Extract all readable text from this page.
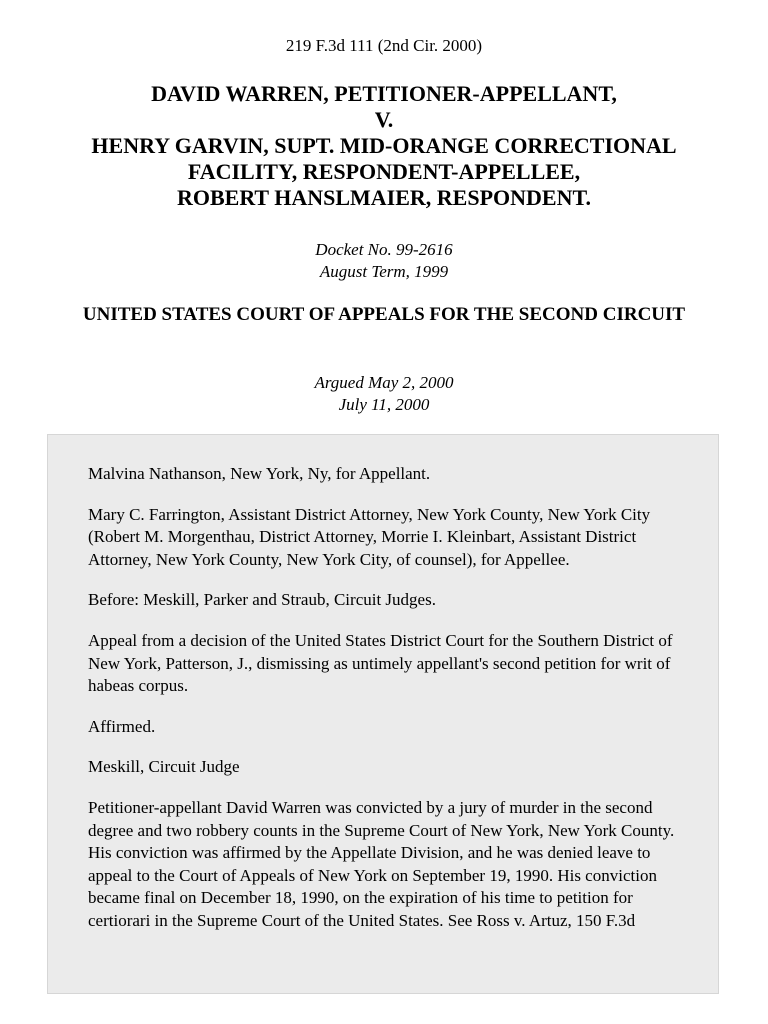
219 F.3d 111 (2nd Cir. 2000)
DAVID WARREN, PETITIONER-APPELLANT,
V.
HENRY GARVIN, SUPT. MID-ORANGE CORRECTIONAL
FACILITY, RESPONDENT-APPELLEE,
ROBERT HANSLMAIER, RESPONDENT.
Docket No. 99-2616
August Term, 1999
UNITED STATES COURT OF APPEALS FOR THE SECOND CIRCUIT
Argued May 2, 2000
July 11, 2000

Malvina Nathanson, New York, Ny, for Appellant.

Mary C. Farrington, Assistant District Attorney, New York County, New York City (Robert M. Morgenthau, District Attorney, Morrie I. Kleinbart, Assistant District Attorney, New York County, New York City, of counsel), for Appellee.

Before: Meskill, Parker and Straub, Circuit Judges.

Appeal from a decision of the United States District Court for the Southern District of New York, Patterson, J., dismissing as untimely appellant's second petition for writ of habeas corpus.

Affirmed.

Meskill, Circuit Judge

Petitioner-appellant David Warren was convicted by a jury of murder in the second degree and two robbery counts in the Supreme Court of New York, New York County. His conviction was affirmed by the Appellate Division, and he was denied leave to appeal to the Court of Appeals of New York on September 19, 1990. His conviction became final on December 18, 1990, on the expiration of his time to petition for certiorari in the Supreme Court of the United States. See Ross v. Artuz, 150 F.3d
